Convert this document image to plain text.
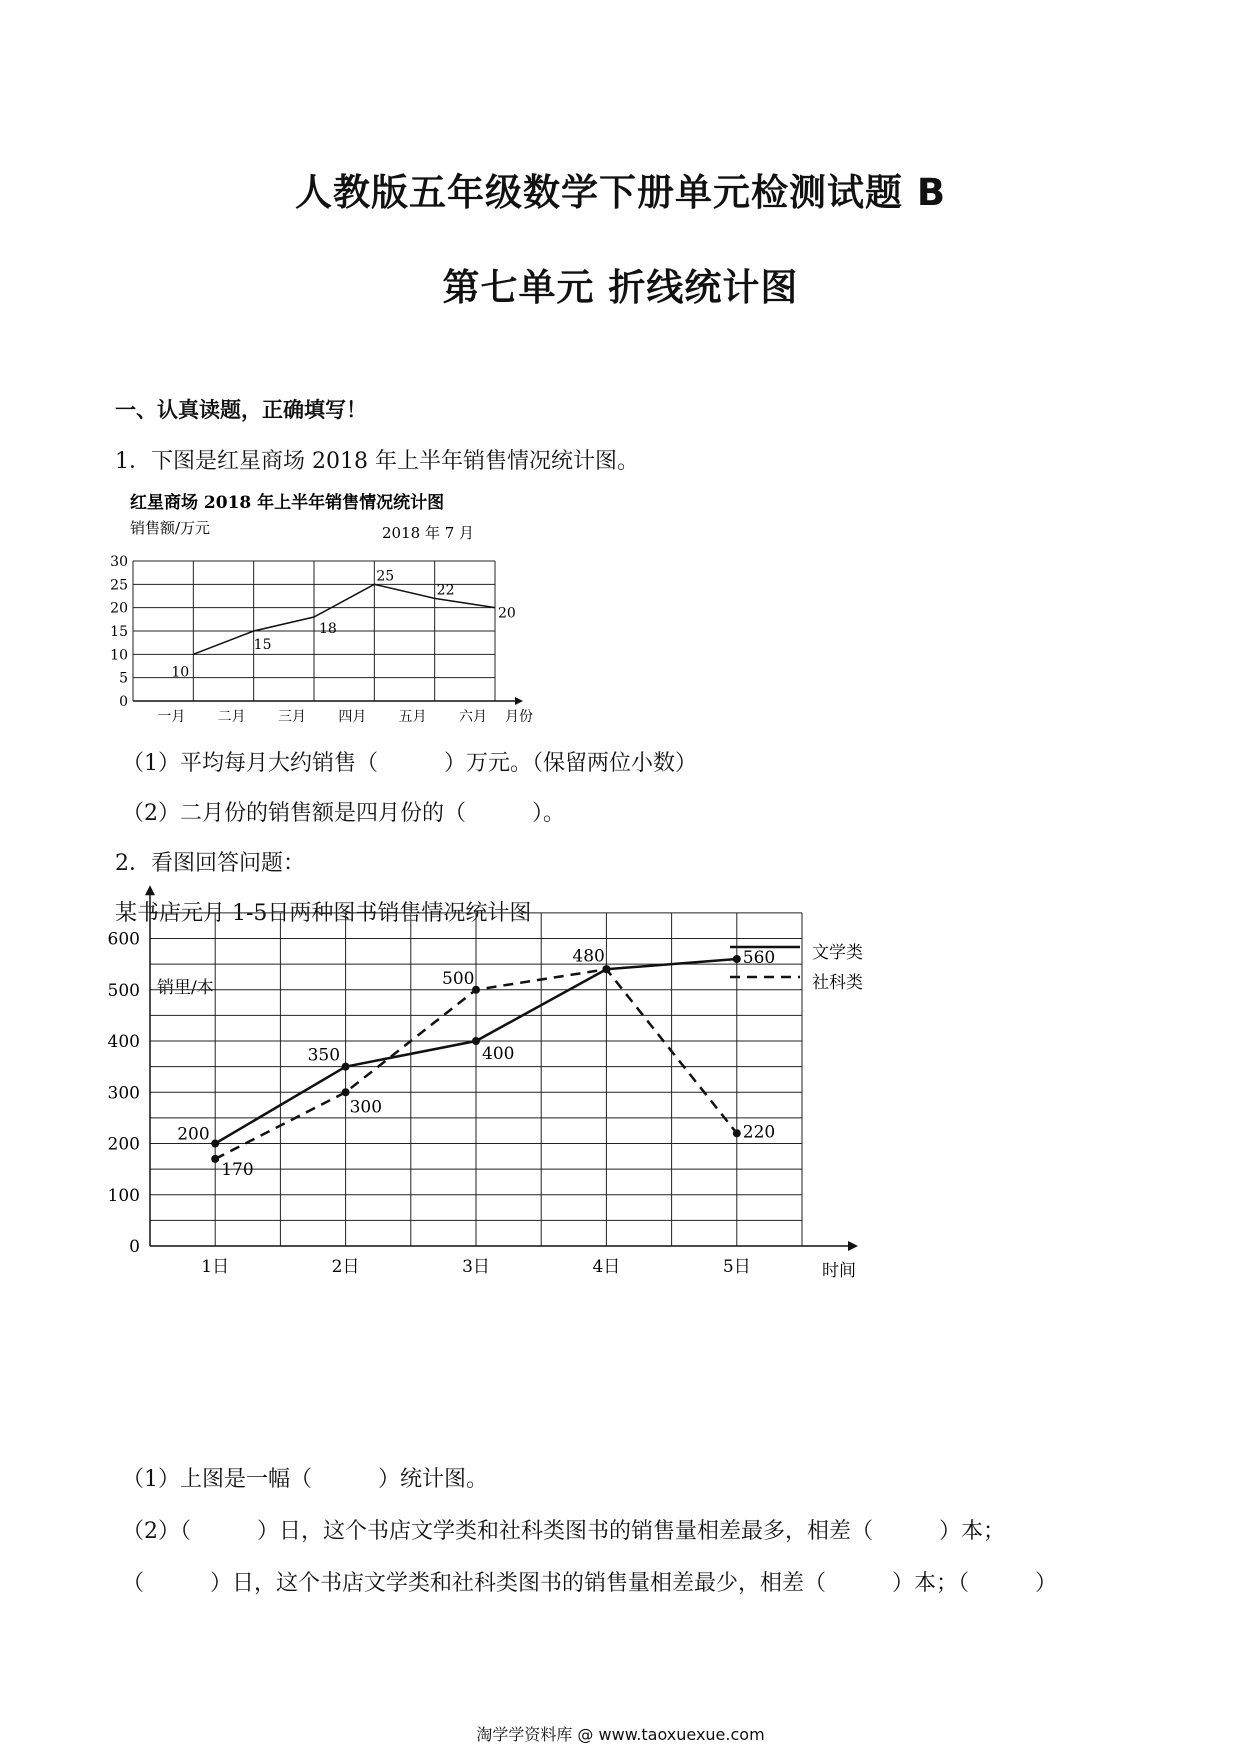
人教版五年级数学下册单元检测试题 B
第七单元 折线统计图
一、认真读题，正确填写！
1．下图是红星商场 2018 年上半年销售情况统计图。
红星商场 2018 年上半年销售情况统计图
销售额/万元	2018 年 7 月
0
5
10
15
20
25
30
一月 二月 三月 四月 五月 六月 月份
10
15
18
25
22
20
（1）平均每月大约销售（　　　）万元。（保留两位小数）
（2）二月份的销售额是四月份的（　　　）。
2．看图回答问题：
某书店元月 1-5日两种图书销售情况统计图
文学类
社科类
销里/本
0
100
200
300
400
500
600
1日	2日	3日	4日	5日	时间
200
350	400
480	560
170
300
500
220
（1）上图是一幅（　　　）统计图。
（2）（　　　）日，这个书店文学类和社科类图书的销售量相差最多，相差（　　　）本；
（　　　）日，这个书店文学类和社科类图书的销售量相差最少，相差（　　　）本；（　　　）
淘学学资料库 @ www.taoxuexue.com
